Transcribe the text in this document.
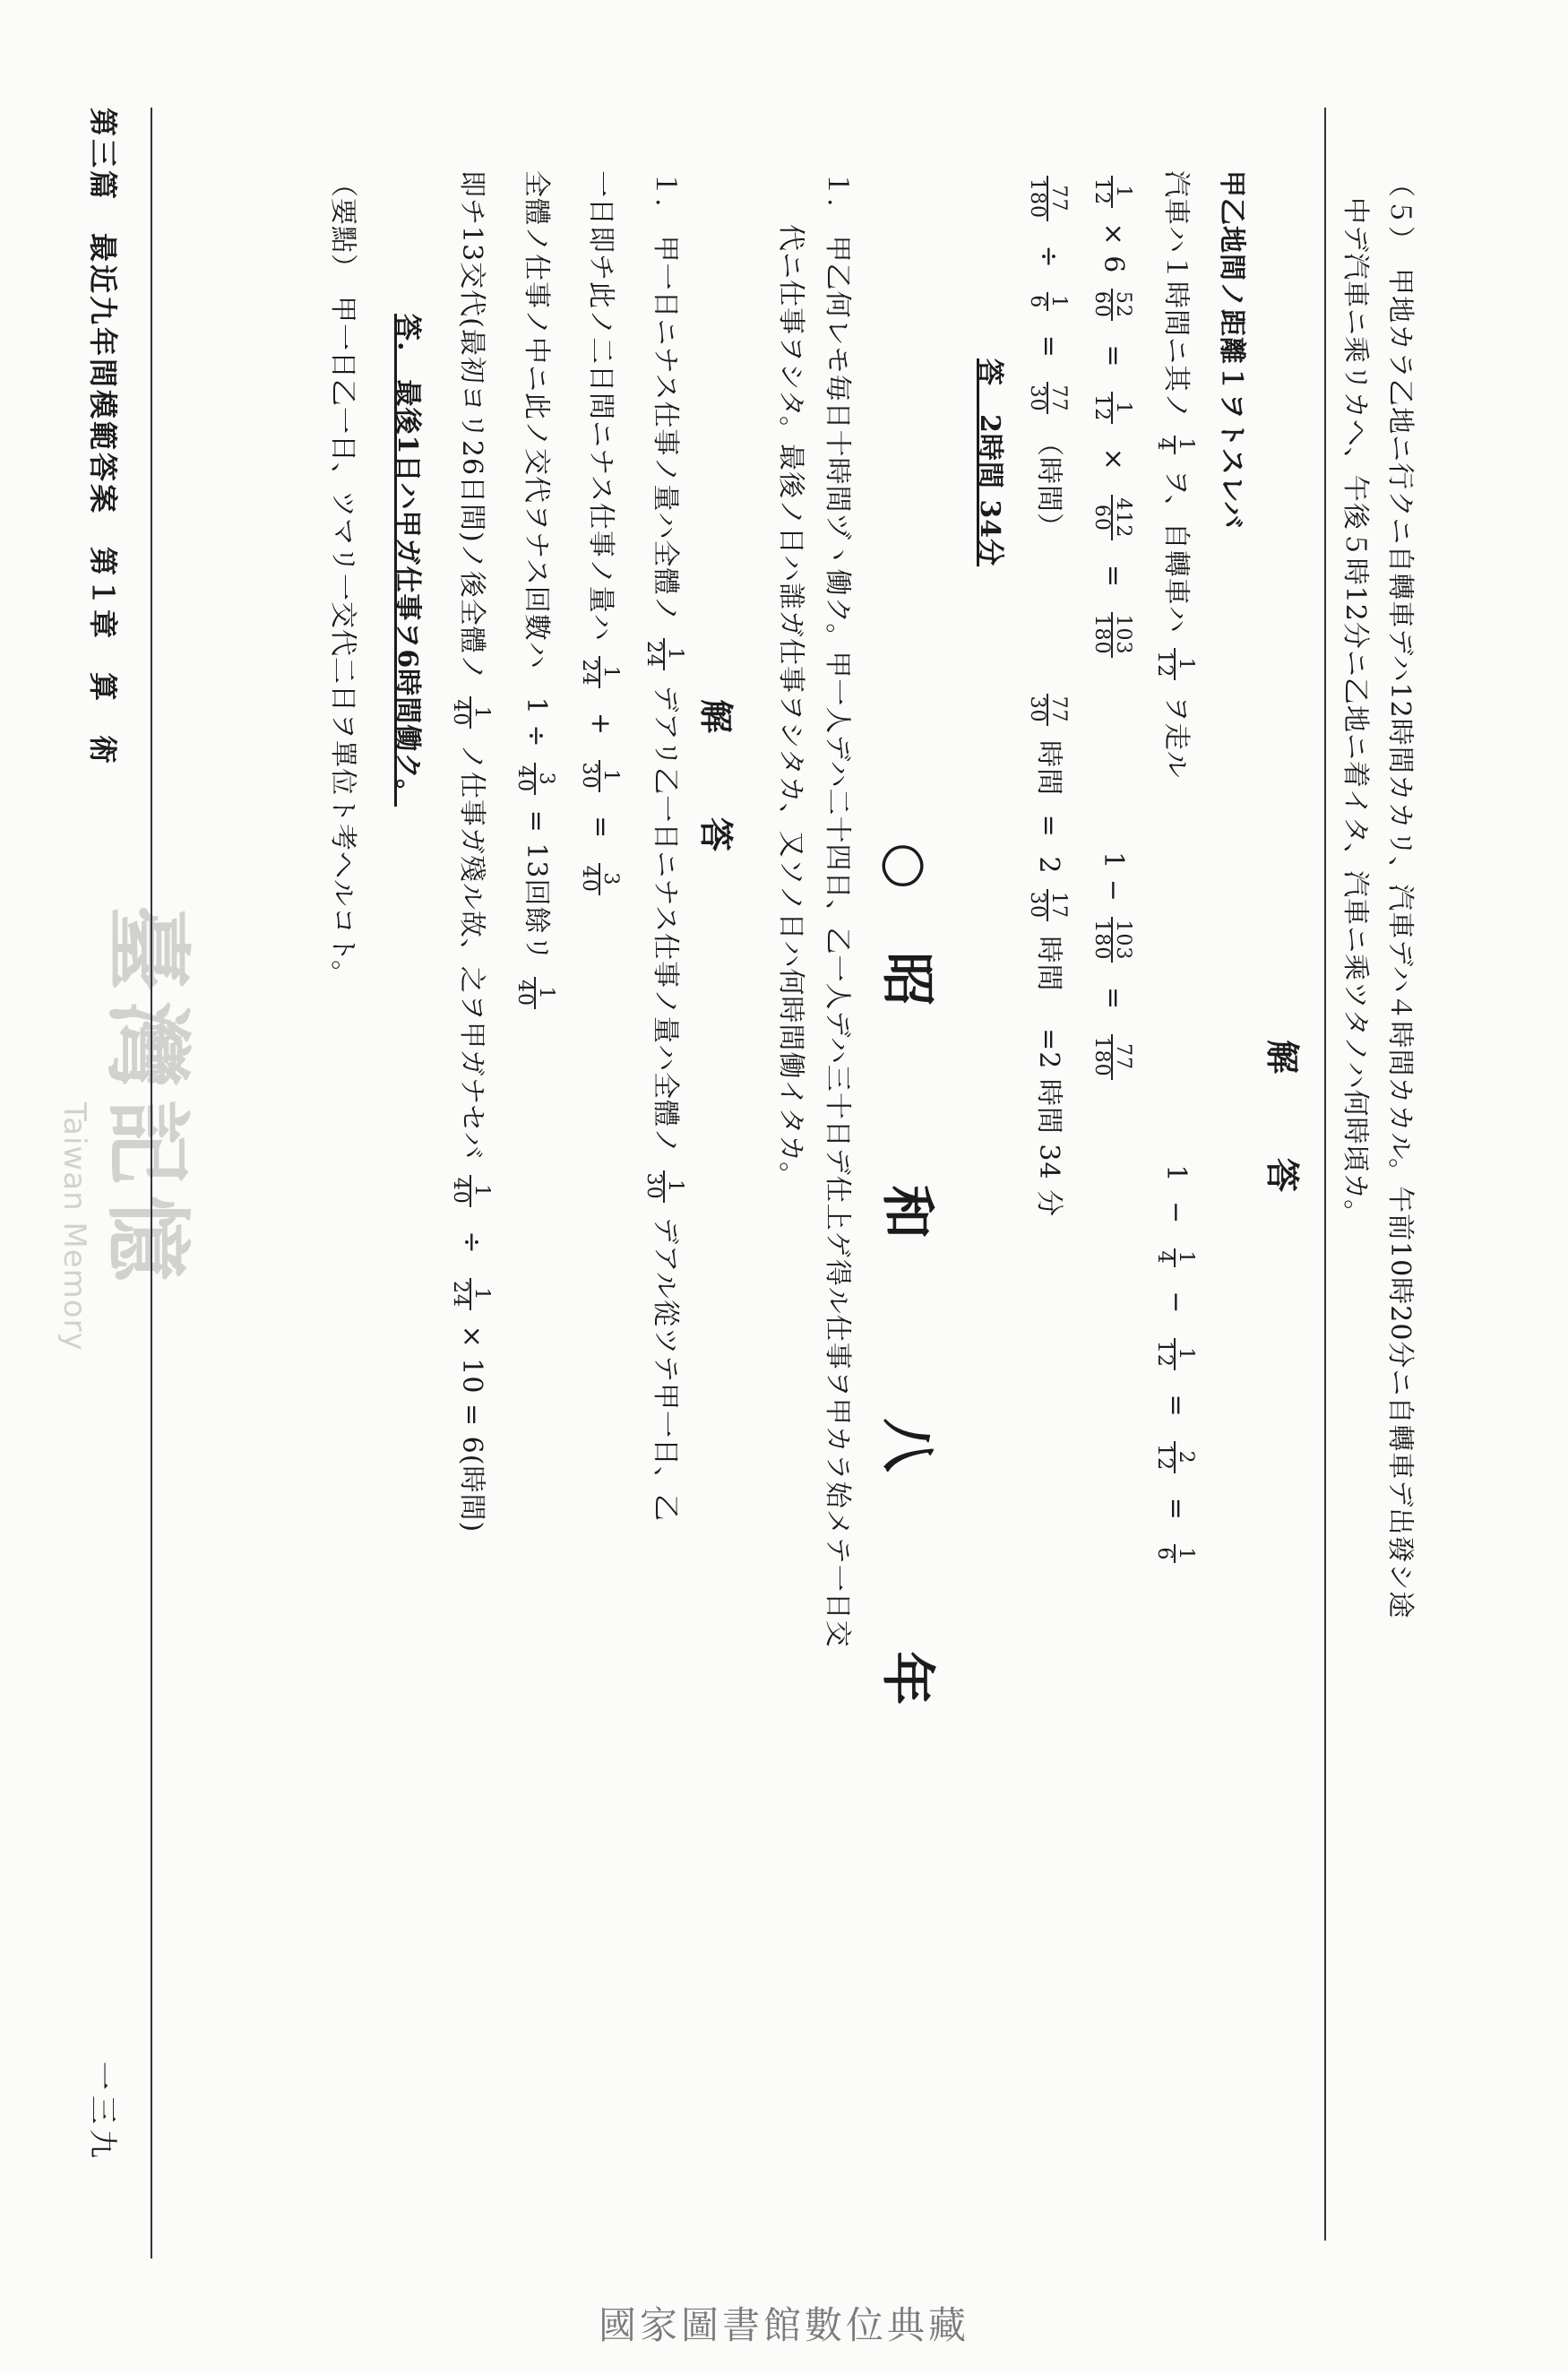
（５）　甲地カラ乙地ニ行クニ自轉車デハ12時間カカリ、汽車デハ４時間カカル。午前10時20分ニ自轉車デ出發シ途
中デ汽車ニ乘リカヘ、午後５時12分ニ乙地ニ着イタ、汽車ニ乘ツタノハ何時頃カ。
解　答
甲乙地間ノ距離１ヲトスレバ
汽車ハ１時間ニ其ノ
1
4
ヲ、自轉車ハ
1
12
ヲ走ル 1 −
1
4
−
1
12
=
2
12
=
1
6
1
12
× 6
52
60
=
1
12
×
412
60
=
103
180
1 −
103
180
=
77
180
77
180
÷
1
6
=
77
30
（時間）
77
30
時間 = 2
17
30
時間 =2 時間 34 分
答　2時間 34分
○昭　和　八　年
１.　甲乙何レモ毎日十時間ヅヽ働ク。甲一人デハ二十四日、乙一人デハ三十日デ仕上ゲ得ル仕事ヲ甲カラ始メテ一日交
代ニ仕事ヲシタ。最後ノ日ハ誰ガ仕事ヲシタカ、又ソノ日ハ何時間働イタカ。
解　答
１.　甲一日ニナス仕事ノ量ハ全體ノ
1
24
デアリ乙一日ニナス仕事ノ量ハ全體ノ
1
30
デアル從ツテ甲一日、乙
一日即チ此ノ二日間ニナス仕事ノ量ハ
1
24
+
1
30
=
3
40
全體ノ仕事ノ中ニ此ノ交代ヲナス回數ハ　1 ÷
3
40
= 13回餘リ
1
40
即チ13交代(最初ヨリ26日間)ノ後全體ノ
1
40
ノ仕事ガ殘ル故、之ヲ甲ガナセバ
1
40
÷
1
24
× 10 = 6(時間)
答.　最後1日ハ甲ガ仕事ヲ6時間働ク。
（要點）　甲一日乙一日、ツマリ一交代二日ヲ單位ト考ヘルコト。
臺灣記憶
Taiwan Memory
第三篇　最近九年間模範答案　第１章　算　術
一三九
國家圖書館數位典藏
